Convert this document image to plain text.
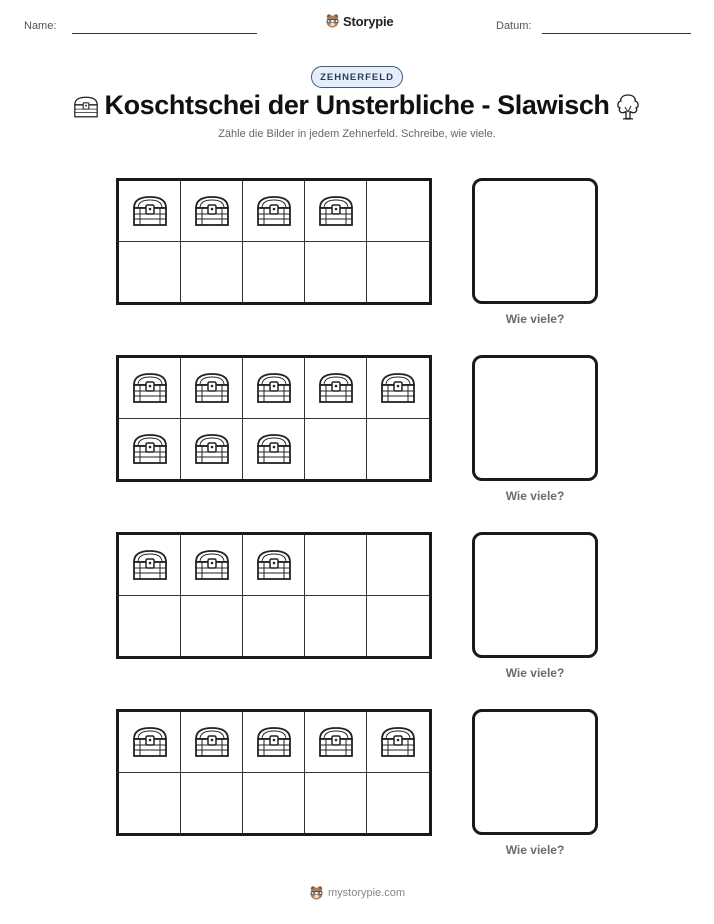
Name:	Storypie	Datum:
ZEHNERFELD
Koschtschei der Unsterbliche - Slawisch
Zähle die Bilder in jedem Zehnerfeld. Schreibe, wie viele.
Wie viele?
Wie viele?
Wie viele?
Wie viele?
mystorypie.com
